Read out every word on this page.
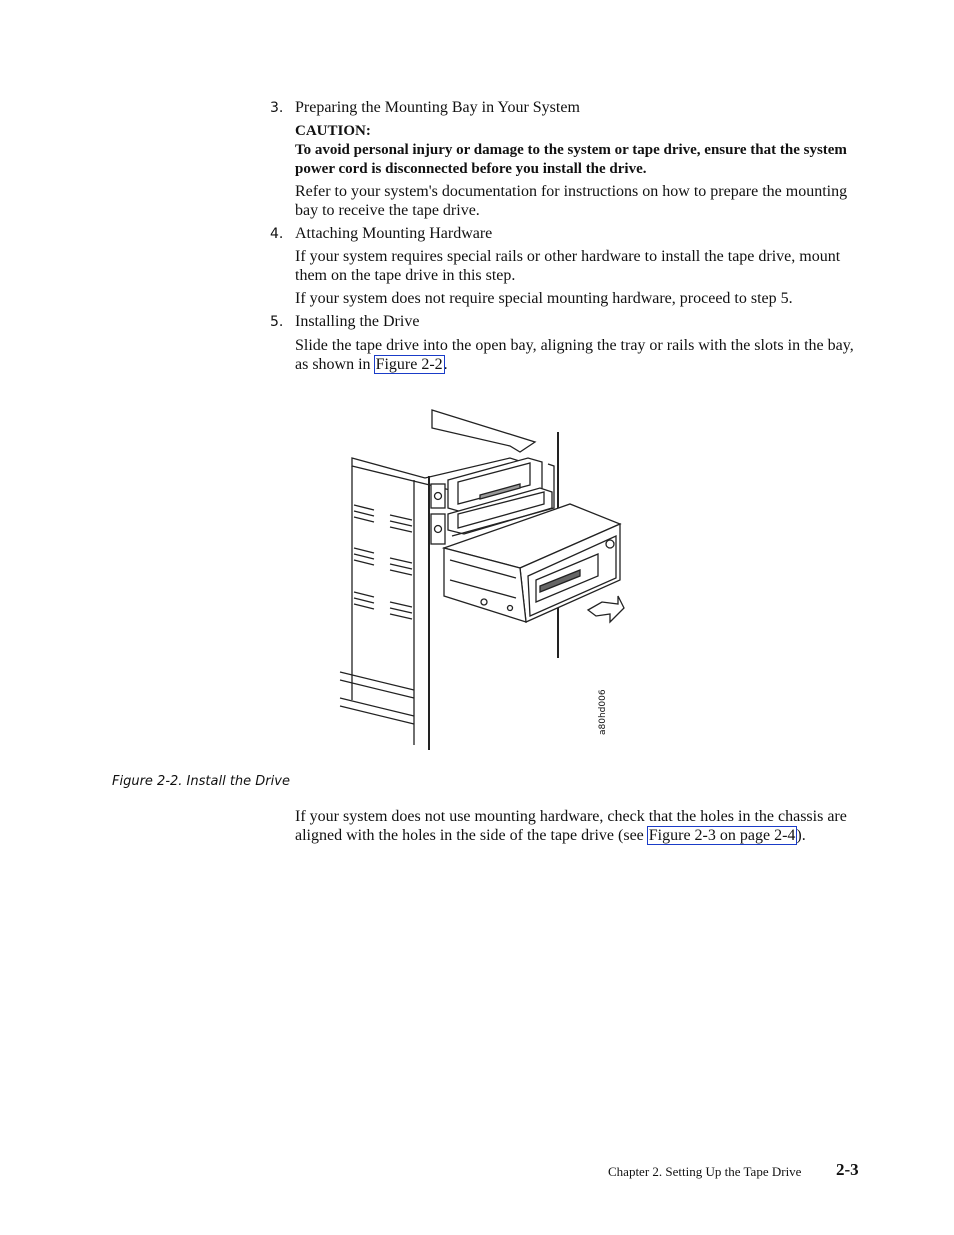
3. Preparing the Mounting Bay in Your System
CAUTION:
To avoid personal injury or damage to the system or tape drive, ensure that the system power cord is disconnected before you install the drive.
Refer to your system's documentation for instructions on how to prepare the mounting bay to receive the tape drive.
4. Attaching Mounting Hardware
If your system requires special rails or other hardware to install the tape drive, mount them on the tape drive in this step.
If your system does not require special mounting hardware, proceed to step 5.
5. Installing the Drive
Slide the tape drive into the open bay, aligning the tray or rails with the slots in the bay, as shown in Figure 2-2.
a80hd006
Figure 2-2. Install the Drive
If your system does not use mounting hardware, check that the holes in the chassis are aligned with the holes in the side of the tape drive (see Figure 2-3 on page 2-4).
Chapter 2. Setting Up the Tape Drive 2-3
